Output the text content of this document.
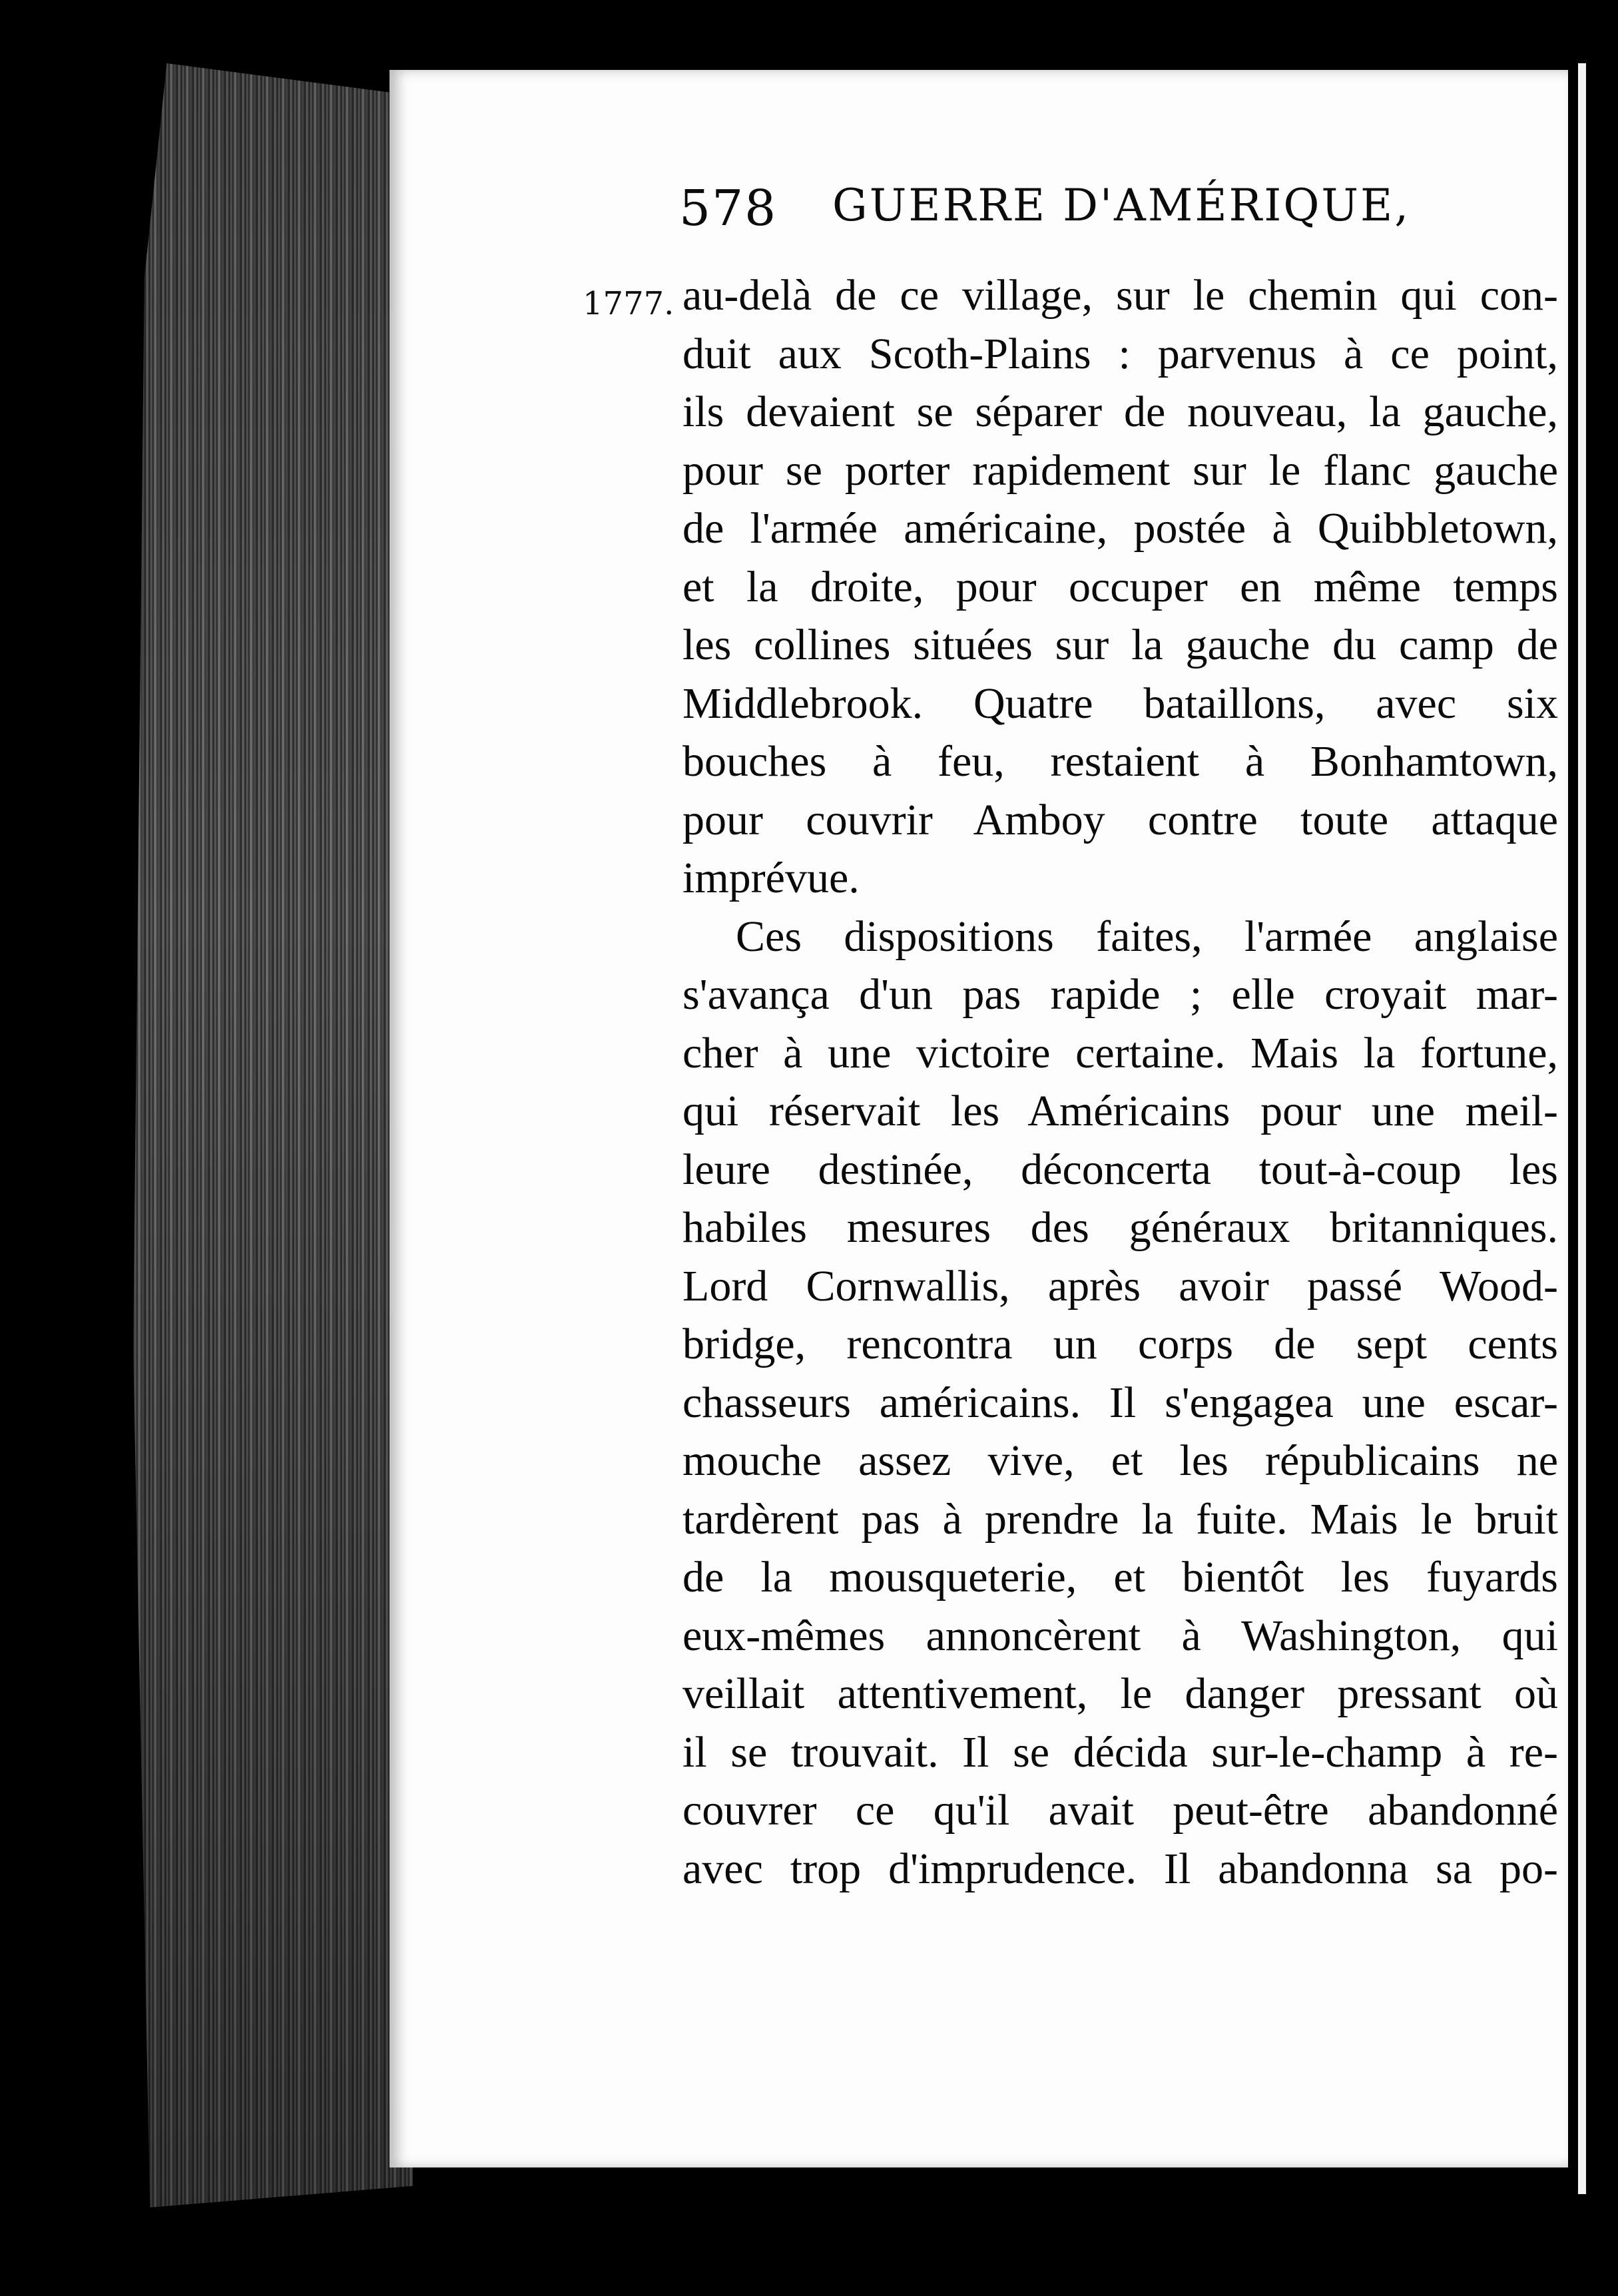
578 GUERRE D'AMÉRIQUE,
1777. au-delà de ce village, sur le chemin qui con-
duit aux Scoth-Plains : parvenus à ce point,
ils devaient se séparer de nouveau, la gauche,
pour se porter rapidement sur le flanc gauche
de l'armée américaine, postée à Quibbletown,
et la droite, pour occuper en même temps
les collines situées sur la gauche du camp de
Middlebrook. Quatre bataillons, avec six
bouches à feu, restaient à Bonhamtown,
pour couvrir Amboy contre toute attaque
imprévue.
Ces dispositions faites, l'armée anglaise
s'avança d'un pas rapide ; elle croyait mar-
cher à une victoire certaine. Mais la fortune,
qui réservait les Américains pour une meil-
leure destinée, déconcerta tout-à-coup les
habiles mesures des généraux britanniques.
Lord Cornwallis, après avoir passé Wood-
bridge, rencontra un corps de sept cents
chasseurs américains. Il s'engagea une escar-
mouche assez vive, et les républicains ne
tardèrent pas à prendre la fuite. Mais le bruit
de la mousqueterie, et bientôt les fuyards
eux-mêmes annoncèrent à Washington, qui
veillait attentivement, le danger pressant où
il se trouvait. Il se décida sur-le-champ à re-
couvrer ce qu'il avait peut-être abandonné
avec trop d'imprudence. Il abandonna sa po-
